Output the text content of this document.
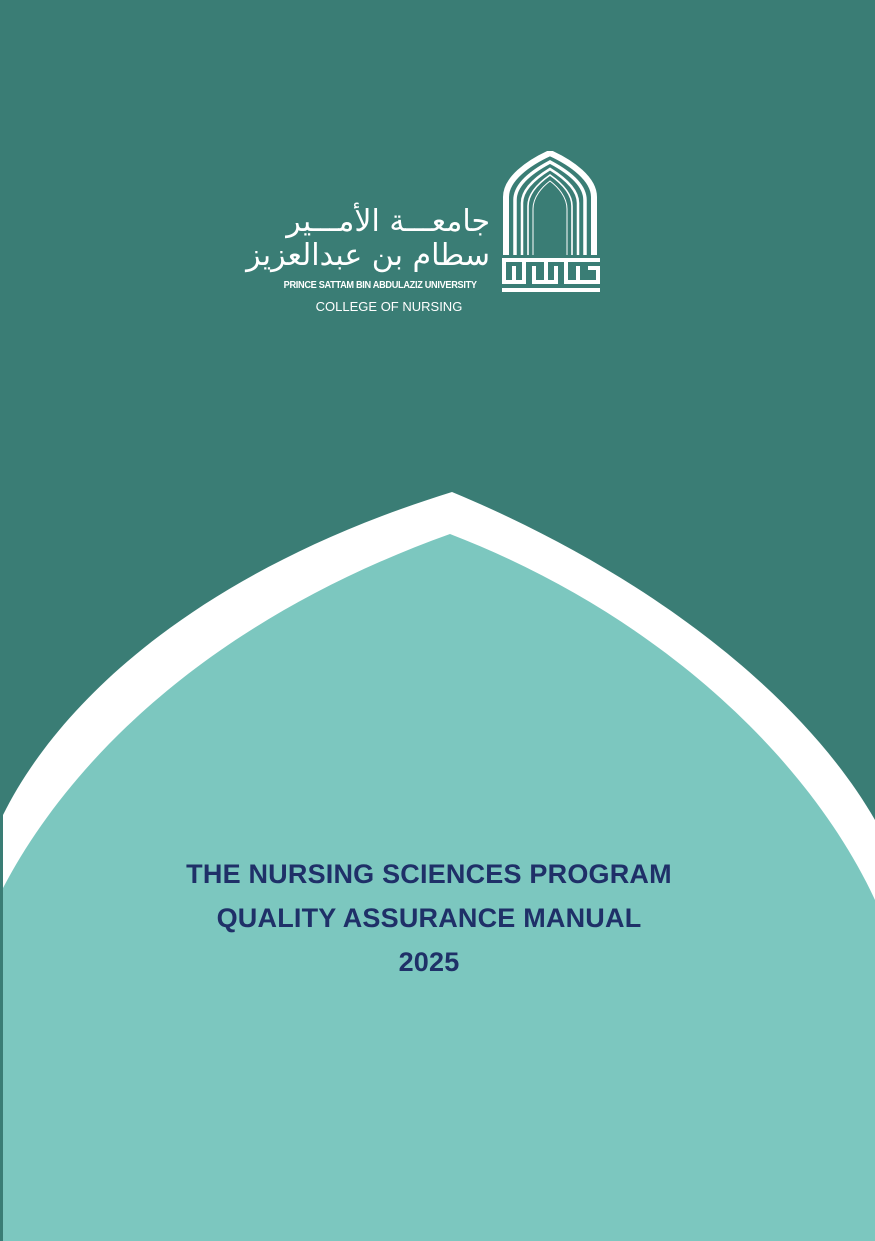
جامعـــة الأمـــير
سطام بن عبدالعزيز
PRINCE SATTAM BIN ABDULAZIZ UNIVERSITY
COLLEGE OF NURSING
THE NURSING SCIENCES PROGRAM
QUALITY ASSURANCE MANUAL
2025
